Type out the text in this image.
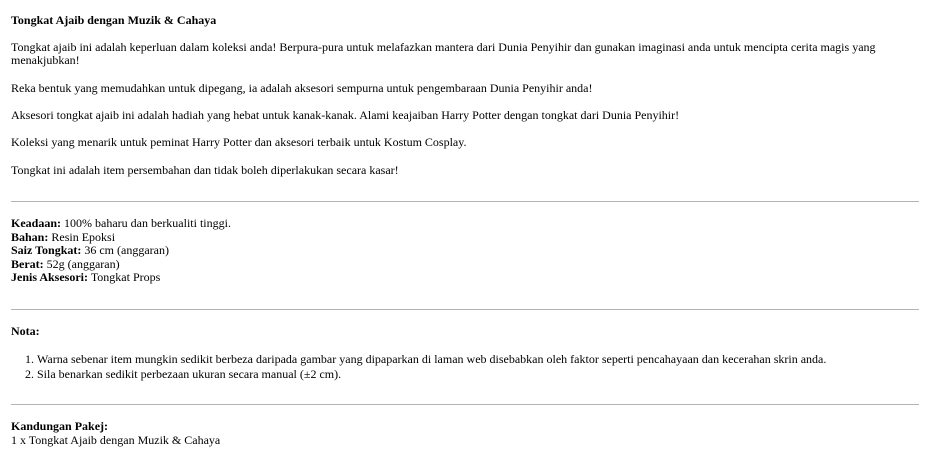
Tongkat Ajaib dengan Muzik & Cahaya

Tongkat ajaib ini adalah keperluan dalam koleksi anda! Berpura-pura untuk melafazkan mantera dari Dunia Penyihir dan gunakan imaginasi anda untuk mencipta cerita magis yang menakjubkan!

Reka bentuk yang memudahkan untuk dipegang, ia adalah aksesori sempurna untuk pengembaraan Dunia Penyihir anda!

Aksesori tongkat ajaib ini adalah hadiah yang hebat untuk kanak-kanak. Alami keajaiban Harry Potter dengan tongkat dari Dunia Penyihir!

Koleksi yang menarik untuk peminat Harry Potter dan aksesori terbaik untuk Kostum Cosplay.

Tongkat ini adalah item persembahan dan tidak boleh diperlakukan secara kasar!

Keadaan: 100% baharu dan berkualiti tinggi.
Bahan: Resin Epoksi
Saiz Tongkat: 36 cm (anggaran)
Berat: 52g (anggaran)
Jenis Aksesori: Tongkat Props

Nota:

1. Warna sebenar item mungkin sedikit berbeza daripada gambar yang dipaparkan di laman web disebabkan oleh faktor seperti pencahayaan dan kecerahan skrin anda.
2. Sila benarkan sedikit perbezaan ukuran secara manual (±2 cm).

Kandungan Pakej:

1 x Tongkat Ajaib dengan Muzik & Cahaya
